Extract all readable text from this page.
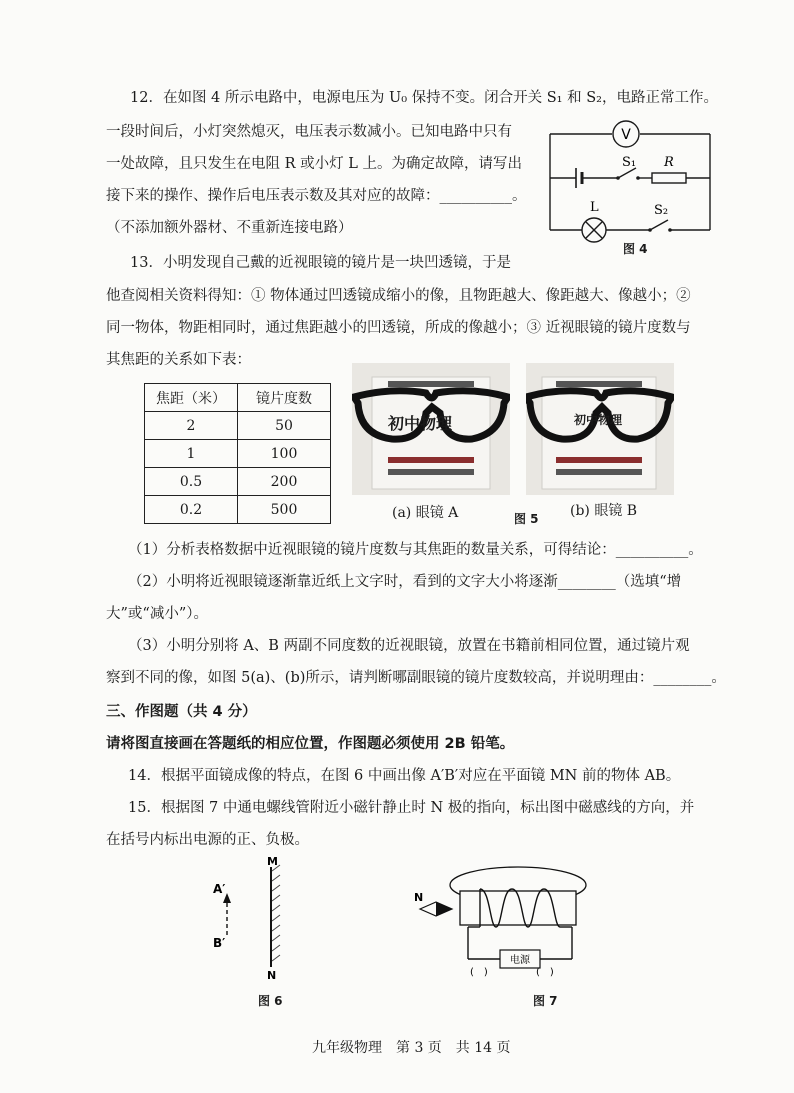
12．在如图 4 所示电路中，电源电压为 U₀ 保持不变。闭合开关 S₁ 和 S₂，电路正常工作。
一段时间后，小灯突然熄灭，电压表示数减小。已知电路中只有
一处故障，且只发生在电阻 R 或小灯 L 上。为确定故障，请写出
接下来的操作、操作后电压表示数及其对应的故障：__________。
（不添加额外器材、不重新连接电路）
V
S₁ R
L	S₂
图 4
13．小明发现自己戴的近视眼镜的镜片是一块凹透镜，于是
他查阅相关资料得知：① 物体通过凹透镜成缩小的像，且物距越大、像距越大、像越小；②
同一物体，物距相同时，通过焦距越小的凹透镜，所成的像越小；③ 近视眼镜的镜片度数与
其焦距的关系如下表：
焦距（米）	镜片度数
2	50
1	100
0.5	200
0.2	500
初中物理	初中物理
(a) 眼镜 A	图 5 (b) 眼镜 B
（1）分析表格数据中近视眼镜的镜片度数与其焦距的数量关系，可得结论：__________。
（2）小明将近视眼镜逐渐靠近纸上文字时，看到的文字大小将逐渐________（选填“增
大”或“减小”）。
（3）小明分别将 A、B 两副不同度数的近视眼镜，放置在书籍前相同位置，通过镜片观
察到不同的像，如图 5(a)、(b)所示，请判断哪副眼镜的镜片度数较高，并说明理由：________。
三、作图题（共 4 分）
请将图直接画在答题纸的相应位置，作图题必须使用 2B 铅笔。
14．根据平面镜成像的特点，在图 6 中画出像 A′B′对应在平面镜 MN 前的物体 AB。
15．根据图 7 中通电螺线管附近小磁针静止时 N 极的指向，标出图中磁感线的方向，并
在括号内标出电源的正、负极。
A′
B′
M
N
图 6
N
电源
(　)	(　)
图 7
九年级物理　第 3 页　共 14 页
